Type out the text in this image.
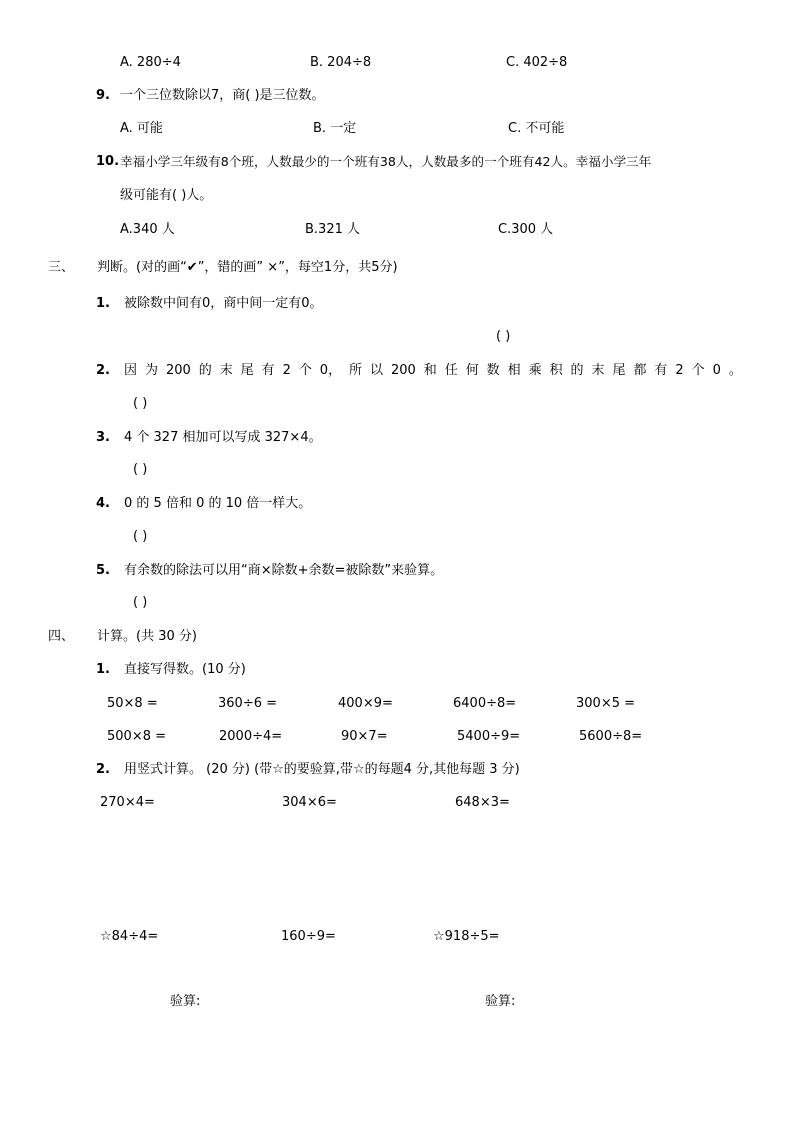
A. 280÷4	B. 204÷8	C. 402÷8
9. 一个三位数除以7，商( )是三位数。
A. 可能	B. 一定	C. 不可能
10. 幸福小学三年级有8个班，人数最少的一个班有38人，人数最多的一个班有42人。幸福小学三年
级可能有( )人。
A.340 人	B.321 人	C.300 人
三、 判断。(对的画“✔”，错的画” ×”，每空1分，共5分)
1. 被除数中间有0，商中间一定有0。
( )
2. 因 为 200 的 末 尾 有 2 个 0， 所 以 200 和 任 何 数 相 乘 积 的 末 尾 都 有 2 个 0 。
( )
3. 4 个 327 相加可以写成 327×4。
( )
4. 0 的 5 倍和 0 的 10 倍一样大。
( )
5. 有余数的除法可以用“商×除数+余数=被除数”来验算。
( )
四、 计算。(共 30 分)
1. 直接写得数。(10 分)
50×8 =	360÷6 =	400×9=	6400÷8=	300×5 =
500×8 =	2000÷4=	90×7=	5400÷9=	5600÷8=
2. 用竖式计算。 (20 分) (带☆的要验算,带☆的每题4 分,其他每题 3 分)
270×4=	304×6=	648×3=
☆84÷4=	160÷9=	☆918÷5=
验算:	验算:
